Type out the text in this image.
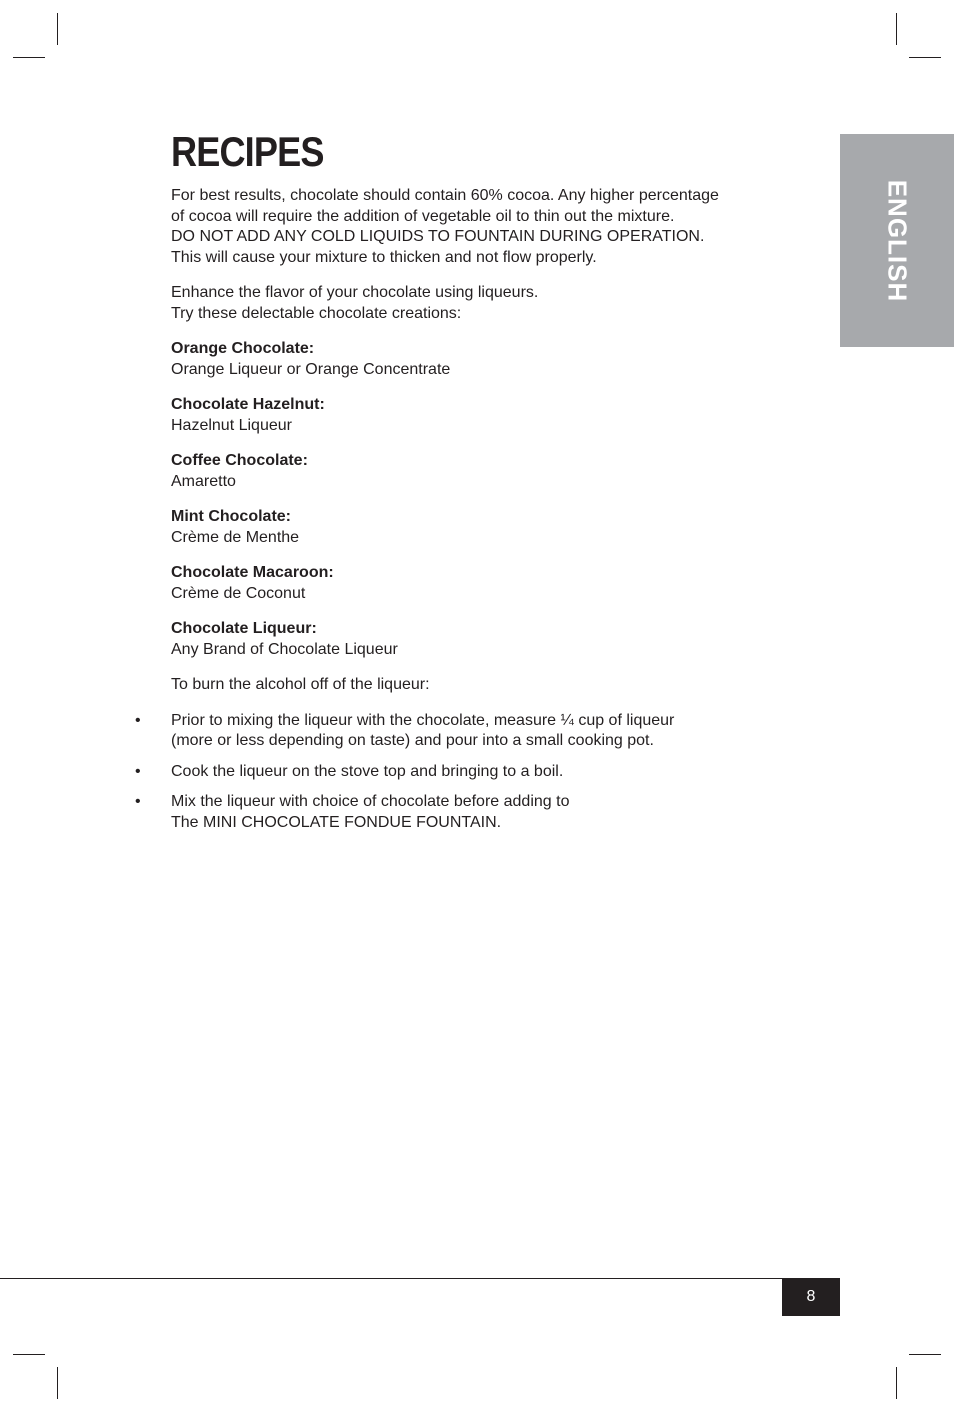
ENGLISH
RECIPES

For best results, chocolate should contain 60% cocoa. Any higher percentage
of cocoa will require the addition of vegetable oil to thin out the mixture.
DO NOT ADD ANY COLD LIQUIDS TO FOUNTAIN DURING OPERATION.
This will cause your mixture to thicken and not flow properly.

Enhance the flavor of your chocolate using liqueurs.
Try these delectable chocolate creations:

Orange Chocolate:
Orange Liqueur or Orange Concentrate
Chocolate Hazelnut:
Hazelnut Liqueur
Coffee Chocolate:
Amaretto
Mint Chocolate:
Crème de Menthe
Chocolate Macaroon:
Crème de Coconut
Chocolate Liqueur:
Any Brand of Chocolate Liqueur

To burn the alcohol off of the liqueur:

• Prior to mixing the liqueur with the chocolate, measure ¼ cup of liqueur
(more or less depending on taste) and pour into a small cooking pot.
• Cook the liqueur on the stove top and bringing to a boil.
• Mix the liqueur with choice of chocolate before adding to
The MINI CHOCOLATE FONDUE FOUNTAIN.
8
